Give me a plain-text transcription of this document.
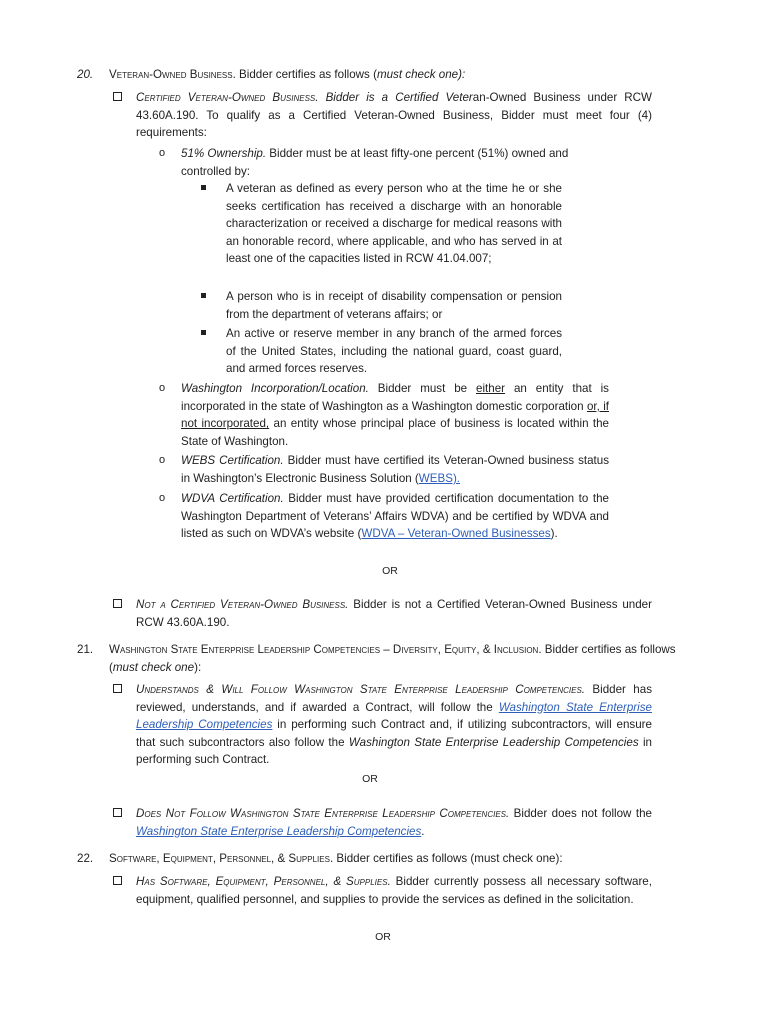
20. Veteran-Owned Business. Bidder certifies as follows (must check one):
Certified Veteran-Owned Business. Bidder is a Certified Veteran-Owned Business under RCW 43.60A.190. To qualify as a Certified Veteran-Owned Business, Bidder must meet four (4) requirements:
o 51% Ownership. Bidder must be at least fifty-one percent (51%) owned and controlled by:
A veteran as defined as every person who at the time he or she seeks certification has received a discharge with an honorable characterization or received a discharge for medical reasons with an honorable record, where applicable, and who has served in at least one of the capacities listed in RCW 41.04.007;
A person who is in receipt of disability compensation or pension from the department of veterans affairs; or
An active or reserve member in any branch of the armed forces of the United States, including the national guard, coast guard, and armed forces reserves.
o Washington Incorporation/Location. Bidder must be either an entity that is incorporated in the state of Washington as a Washington domestic corporation or, if not incorporated, an entity whose principal place of business is located within the State of Washington.
o WEBS Certification. Bidder must have certified its Veteran-Owned business status in Washington’s Electronic Business Solution (WEBS).
o WDVA Certification. Bidder must have provided certification documentation to the Washington Department of Veterans’ Affairs WDVA) and be certified by WDVA and listed as such on WDVA’s website (WDVA – Veteran-Owned Businesses).
OR
Not a Certified Veteran-Owned Business. Bidder is not a Certified Veteran-Owned Business under RCW 43.60A.190.
21. Washington State Enterprise Leadership Competencies – Diversity, Equity, & Inclusion. Bidder certifies as follows (must check one):
Understands & Will Follow Washington State Enterprise Leadership Competencies. Bidder has reviewed, understands, and if awarded a Contract, will follow the Washington State Enterprise Leadership Competencies in performing such Contract and, if utilizing subcontractors, will ensure that such subcontractors also follow the Washington State Enterprise Leadership Competencies in performing such Contract.
OR
Does Not Follow Washington State Enterprise Leadership Competencies. Bidder does not follow the Washington State Enterprise Leadership Competencies.
22. Software, Equipment, Personnel, & Supplies. Bidder certifies as follows (must check one):
Has Software, Equipment, Personnel, & Supplies. Bidder currently possess all necessary software, equipment, qualified personnel, and supplies to provide the services as defined in the solicitation.
OR
